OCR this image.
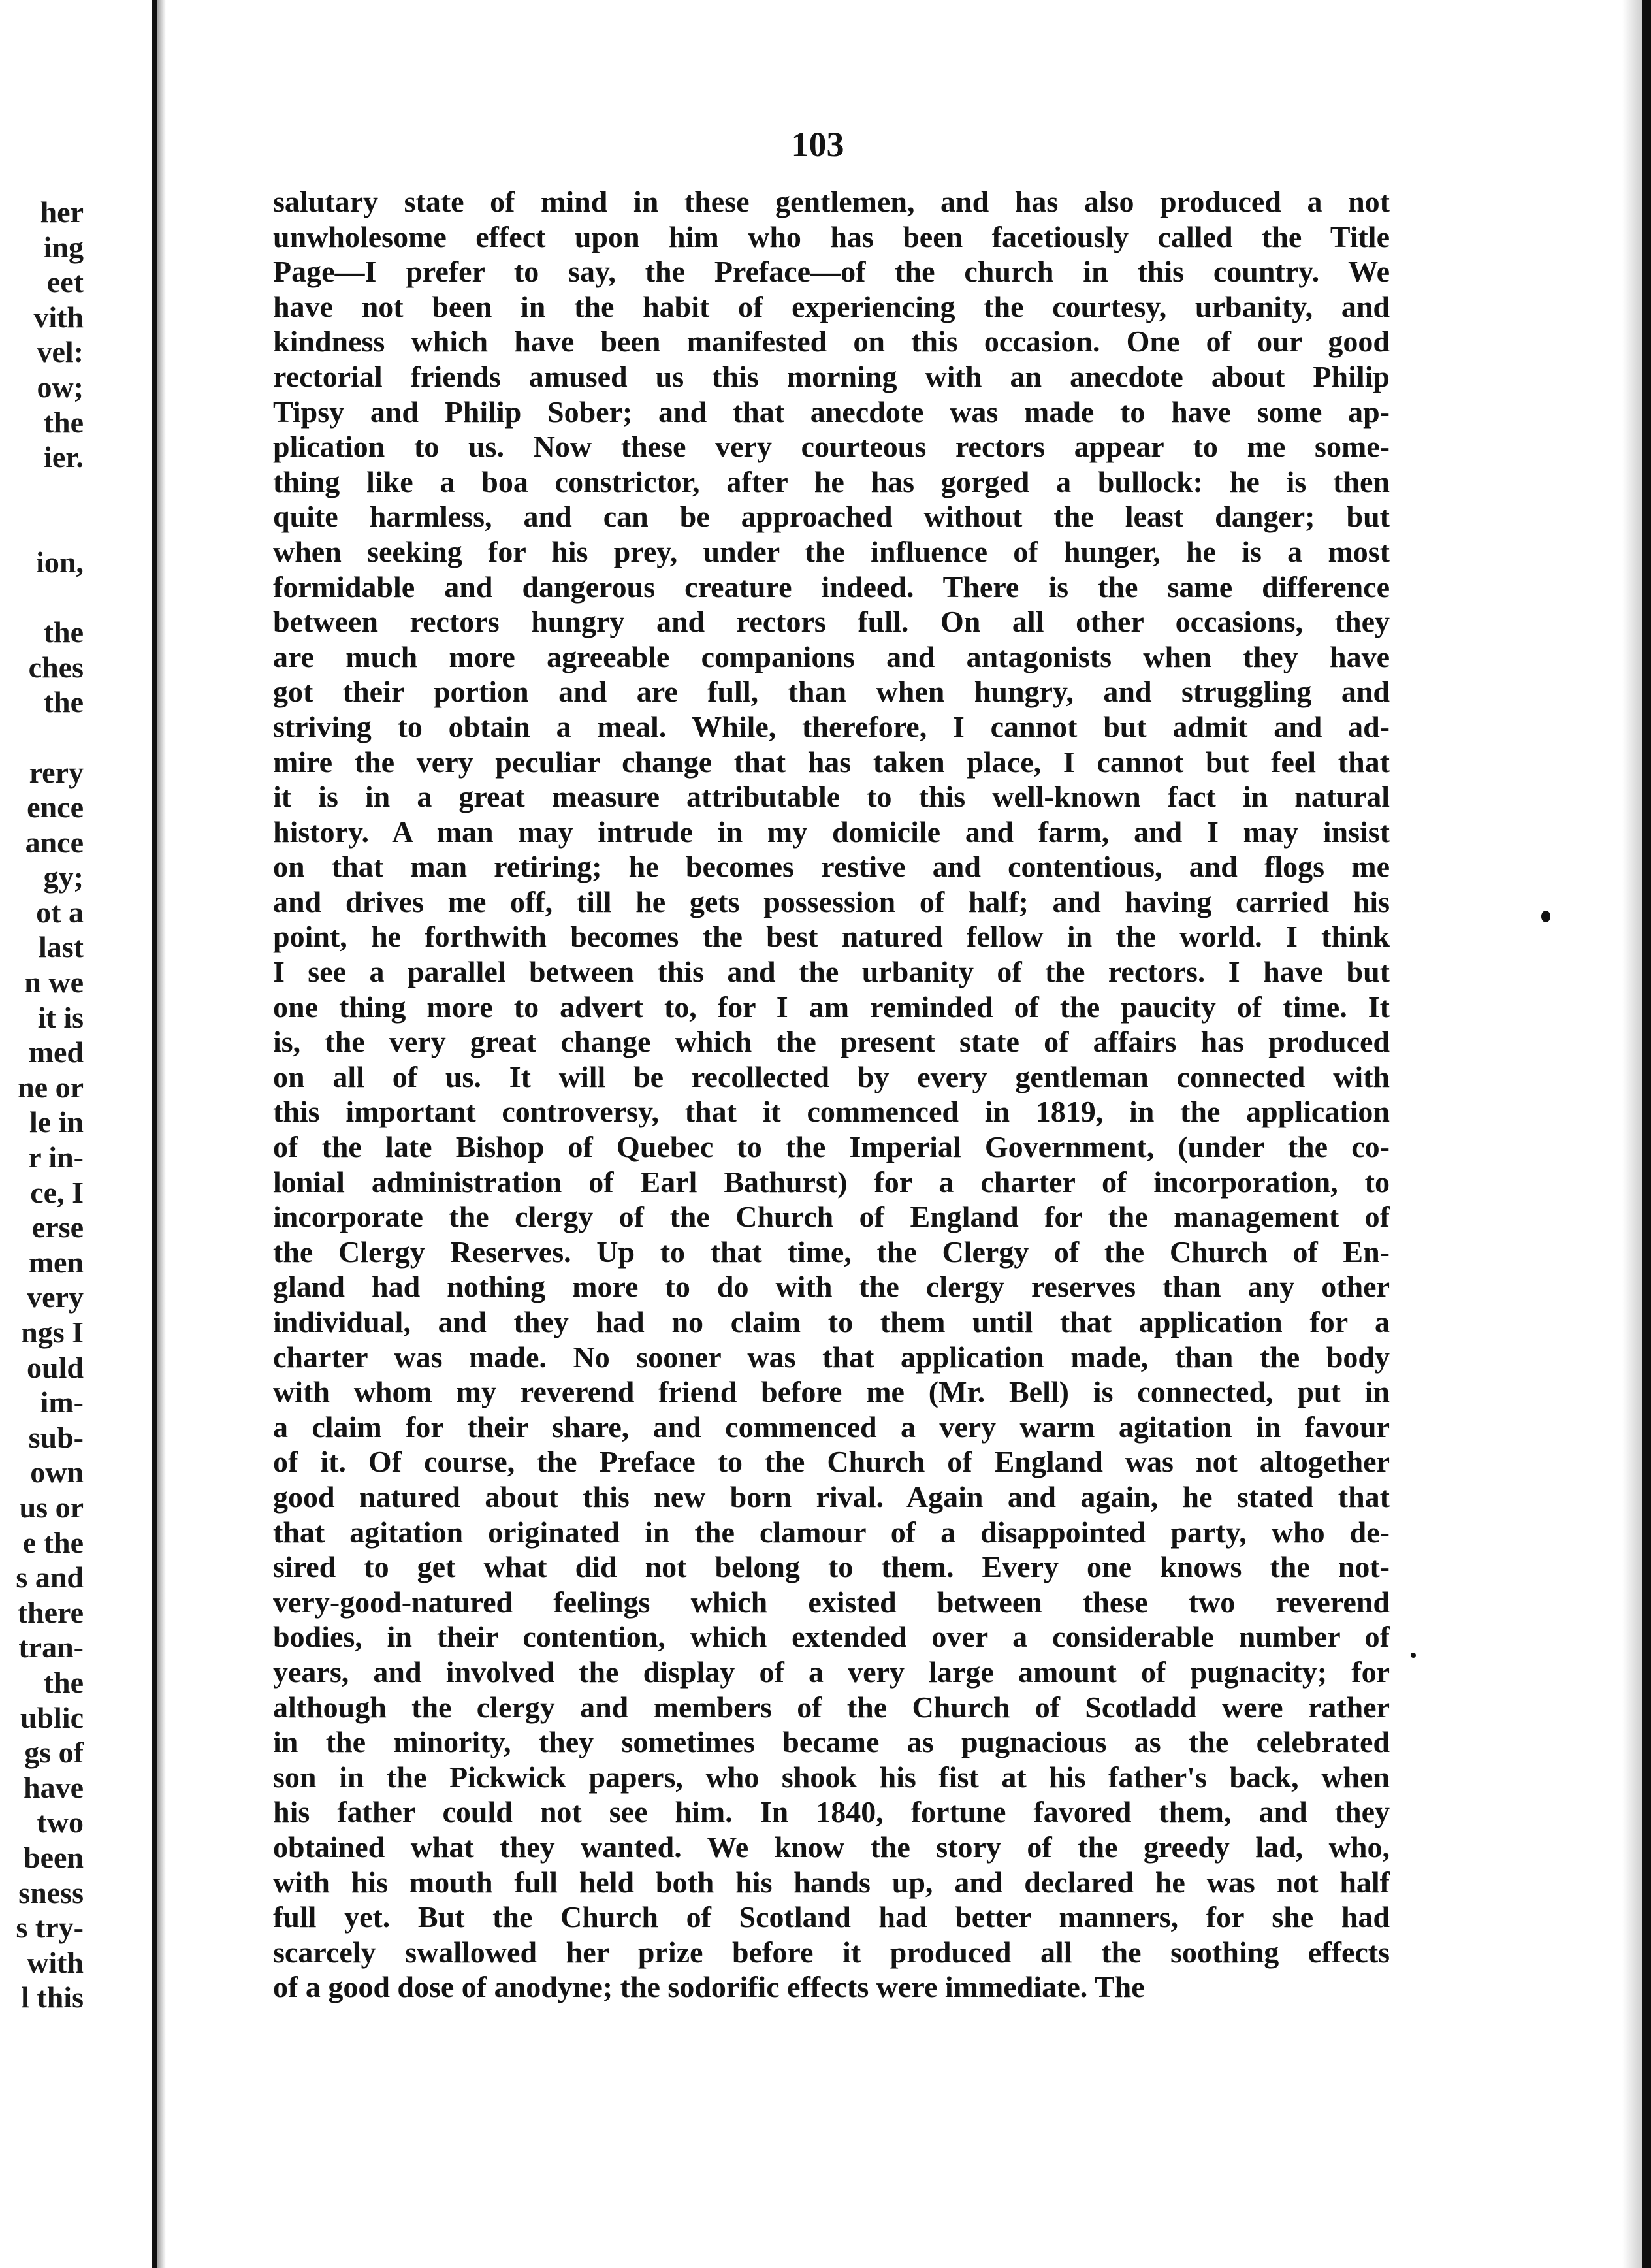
her
ing
eet
vith
vel:
ow;
the
ier.
ion,
the
ches
the
rery
ence
ance
gy;
ot a
last
n we
it is
med
ne or
le in
r in-
ce, I
erse
men
very
ngs I
ould
im-
sub-
own
us or
e the
s and
there
tran-
the
ublic
gs of
have
two
been
sness
s try-
with
l this
103
salutary state of mind in these gentlemen, and has also produced a not
unwholesome effect upon him who has been facetiously called the Title
Page—I prefer to say, the Preface—of the church in this country. We
have not been in the habit of experiencing the courtesy, urbanity, and
kindness which have been manifested on this occasion. One of our good
rectorial friends amused us this morning with an anecdote about Philip
Tipsy and Philip Sober; and that anecdote was made to have some ap-
plication to us. Now these very courteous rectors appear to me some-
thing like a boa constrictor, after he has gorged a bullock: he is then
quite harmless, and can be approached without the least danger; but
when seeking for his prey, under the influence of hunger, he is a most
formidable and dangerous creature indeed. There is the same difference
between rectors hungry and rectors full. On all other occasions, they
are much more agreeable companions and antagonists when they have
got their portion and are full, than when hungry, and struggling and
striving to obtain a meal. While, therefore, I cannot but admit and ad-
mire the very peculiar change that has taken place, I cannot but feel that
it is in a great measure attributable to this well-known fact in natural
history. A man may intrude in my domicile and farm, and I may insist
on that man retiring; he becomes restive and contentious, and flogs me
and drives me off, till he gets possession of half; and having carried his
point, he forthwith becomes the best natured fellow in the world. I think
I see a parallel between this and the urbanity of the rectors. I have but
one thing more to advert to, for I am reminded of the paucity of time. It
is, the very great change which the present state of affairs has produced
on all of us. It will be recollected by every gentleman connected with
this important controversy, that it commenced in 1819, in the application
of the late Bishop of Quebec to the Imperial Government, (under the co-
lonial administration of Earl Bathurst) for a charter of incorporation, to
incorporate the clergy of the Church of England for the management of
the Clergy Reserves. Up to that time, the Clergy of the Church of En-
gland had nothing more to do with the clergy reserves than any other
individual, and they had no claim to them until that application for a
charter was made. No sooner was that application made, than the body
with whom my reverend friend before me (Mr. Bell) is connected, put in
a claim for their share, and commenced a very warm agitation in favour
of it. Of course, the Preface to the Church of England was not altogether
good natured about this new born rival. Again and again, he stated that
that agitation originated in the clamour of a disappointed party, who de-
sired to get what did not belong to them. Every one knows the not-
very-good-natured feelings which existed between these two reverend
bodies, in their contention, which extended over a considerable number of
years, and involved the display of a very large amount of pugnacity; for
although the clergy and members of the Church of Scotladd were rather
in the minority, they sometimes became as pugnacious as the celebrated
son in the Pickwick papers, who shook his fist at his father's back, when
his father could not see him. In 1840, fortune favored them, and they
obtained what they wanted. We know the story of the greedy lad, who,
with his mouth full held both his hands up, and declared he was not half
full yet. But the Church of Scotland had better manners, for she had
scarcely swallowed her prize before it produced all the soothing effects
of a good dose of anodyne; the sodorific effects were immediate. The
